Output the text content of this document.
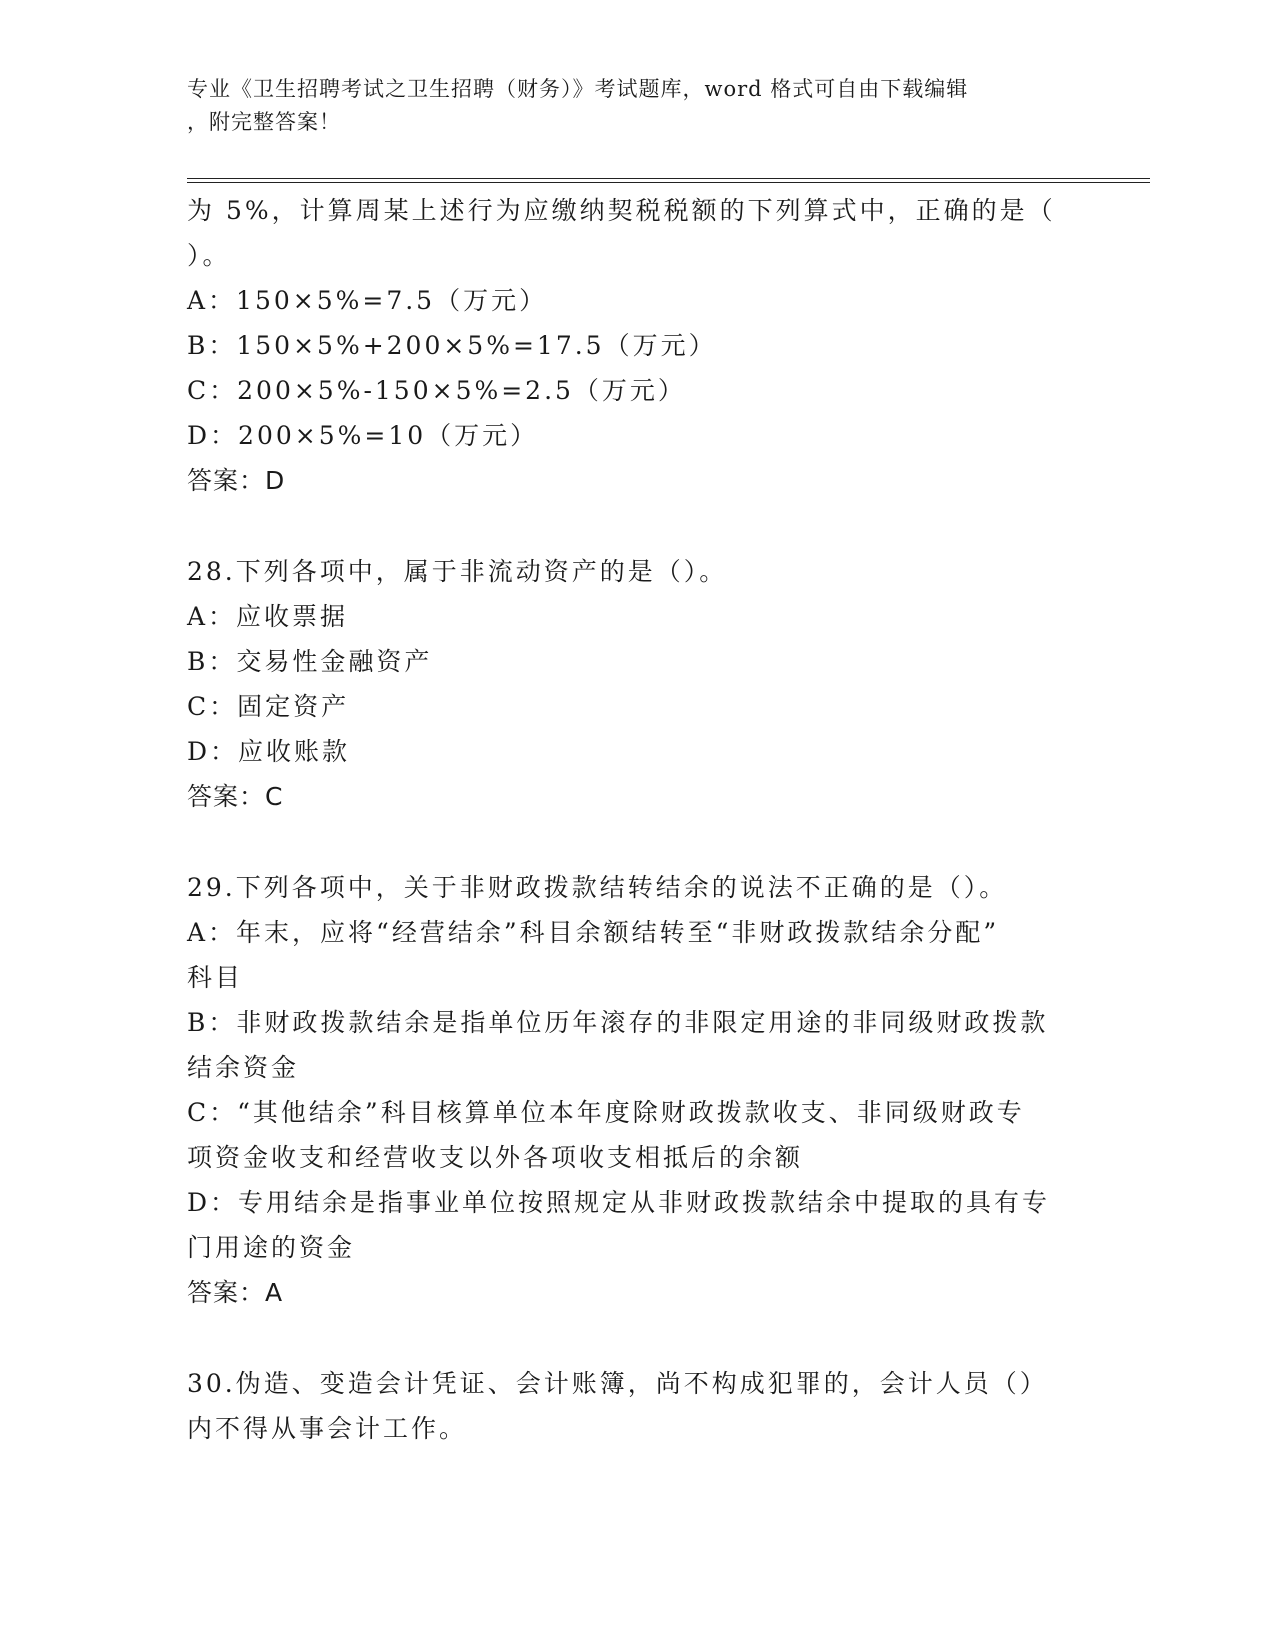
专业《卫生招聘考试之卫生招聘（财务）》考试题库，word 格式可自由下载编辑
，附完整答案！
为 5%，计算周某上述行为应缴纳契税税额的下列算式中，正确的是（
）。
A：150×5%=7.5（万元）
B：150×5%+200×5%=17.5（万元）
C：200×5%-150×5%=2.5（万元）
D：200×5%=10（万元）
答案：D
28.下列各项中，属于非流动资产的是（）。
A：应收票据
B：交易性金融资产
C：固定资产
D：应收账款
答案：C
29.下列各项中，关于非财政拨款结转结余的说法不正确的是（）。
A：年末，应将“经营结余”科目余额结转至“非财政拨款结余分配”
科目
B：非财政拨款结余是指单位历年滚存的非限定用途的非同级财政拨款
结余资金
C：“其他结余”科目核算单位本年度除财政拨款收支、非同级财政专
项资金收支和经营收支以外各项收支相抵后的余额
D：专用结余是指事业单位按照规定从非财政拨款结余中提取的具有专
门用途的资金
答案：A
30.伪造、变造会计凭证、会计账簿，尚不构成犯罪的，会计人员（）
内不得从事会计工作。
